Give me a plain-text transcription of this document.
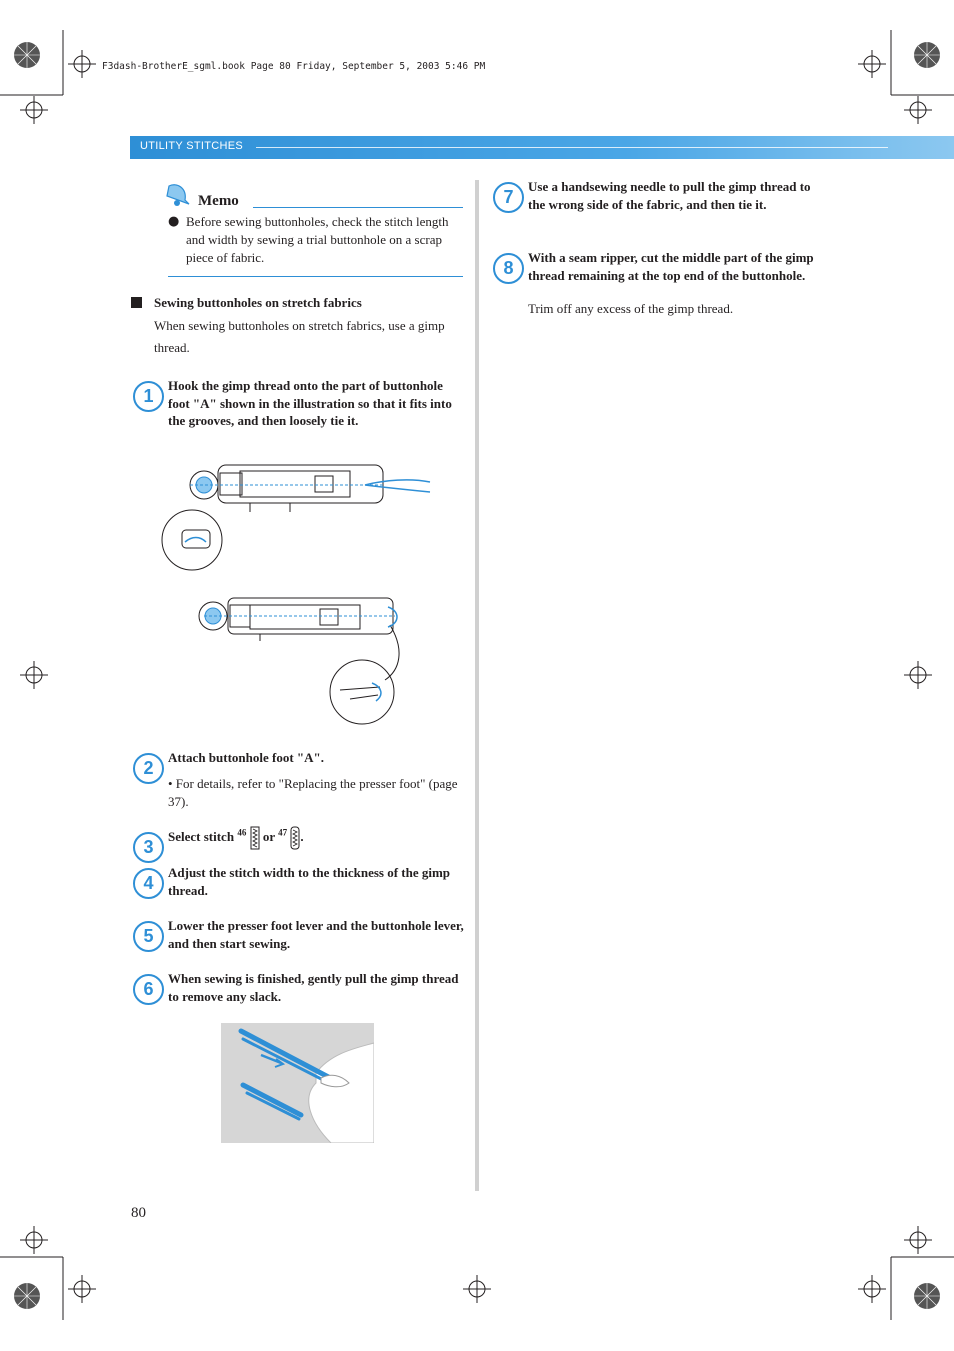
F3dash-BrotherE_sgml.book Page 80 Friday, September 5, 2003 5:46 PM
UTILITY STITCHES
Memo
● Before sewing buttonholes, check the stitch length and width by sewing a trial buttonhole on a scrap piece of fabric.
Sewing buttonholes on stretch fabrics
When sewing buttonholes on stretch fabrics, use a gimp thread.
1
Hook the gimp thread onto the part of buttonhole foot "A" shown in the illustration so that it fits into the grooves, and then loosely tie it.
2
Attach buttonhole foot "A".
• For details, refer to "Replacing the presser foot" (page 37).
3
Select stitch $^{46}$  or $^{47}$ .
4
Adjust the stitch width to the thickness of the gimp thread.
5
Lower the presser foot lever and the buttonhole lever, and then start sewing.
6
When sewing is finished, gently pull the gimp thread to remove any slack.
7
Use a handsewing needle to pull the gimp thread to the wrong side of the fabric, and then tie it.
8
With a seam ripper, cut the middle part of the gimp thread remaining at the top end of the buttonhole.
Trim off any excess of the gimp thread.
80
